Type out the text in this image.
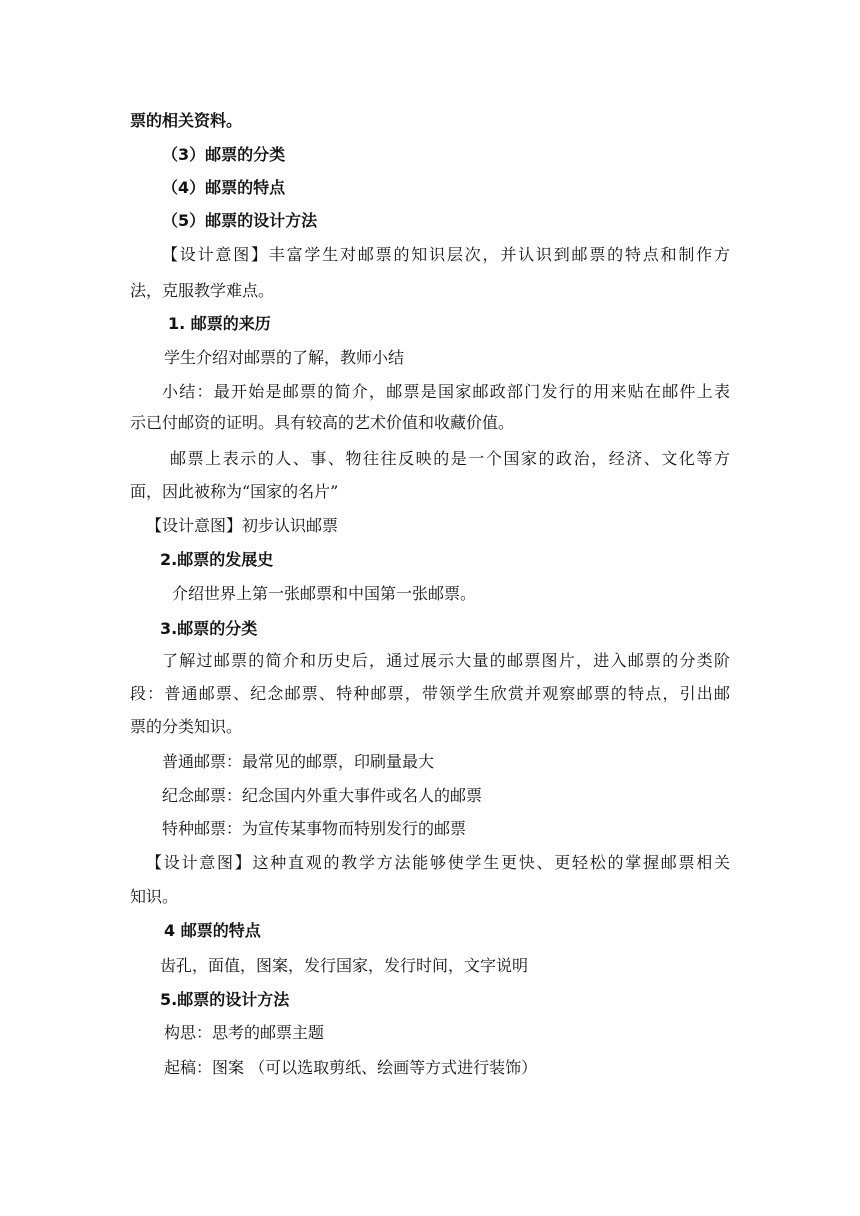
票的相关资料。
（3）邮票的分类
（4）邮票的特点
（5）邮票的设计方法
【设计意图】丰富学生对邮票的知识层次，并认识到邮票的特点和制作方
法，克服教学难点。
1. 邮票的来历
学生介绍对邮票的了解，教师小结
小结：最开始是邮票的简介，邮票是国家邮政部门发行的用来贴在邮件上表
示已付邮资的证明。具有较高的艺术价值和收藏价值。
邮票上表示的人、事、物往往反映的是一个国家的政治，经济、文化等方
面，因此被称为“国家的名片”
【设计意图】初步认识邮票
2.邮票的发展史
介绍世界上第一张邮票和中国第一张邮票。
3.邮票的分类
了解过邮票的简介和历史后，通过展示大量的邮票图片，进入邮票的分类阶
段：普通邮票、纪念邮票、特种邮票，带领学生欣赏并观察邮票的特点，引出邮
票的分类知识。
普通邮票：最常见的邮票，印刷量最大
纪念邮票：纪念国内外重大事件或名人的邮票
特种邮票：为宣传某事物而特别发行的邮票
【设计意图】这种直观的教学方法能够使学生更快、更轻松的掌握邮票相关
知识。
4 邮票的特点
齿孔，面值，图案，发行国家，发行时间，文字说明
5.邮票的设计方法
构思：思考的邮票主题
起稿：图案 （可以选取剪纸、绘画等方式进行装饰）
